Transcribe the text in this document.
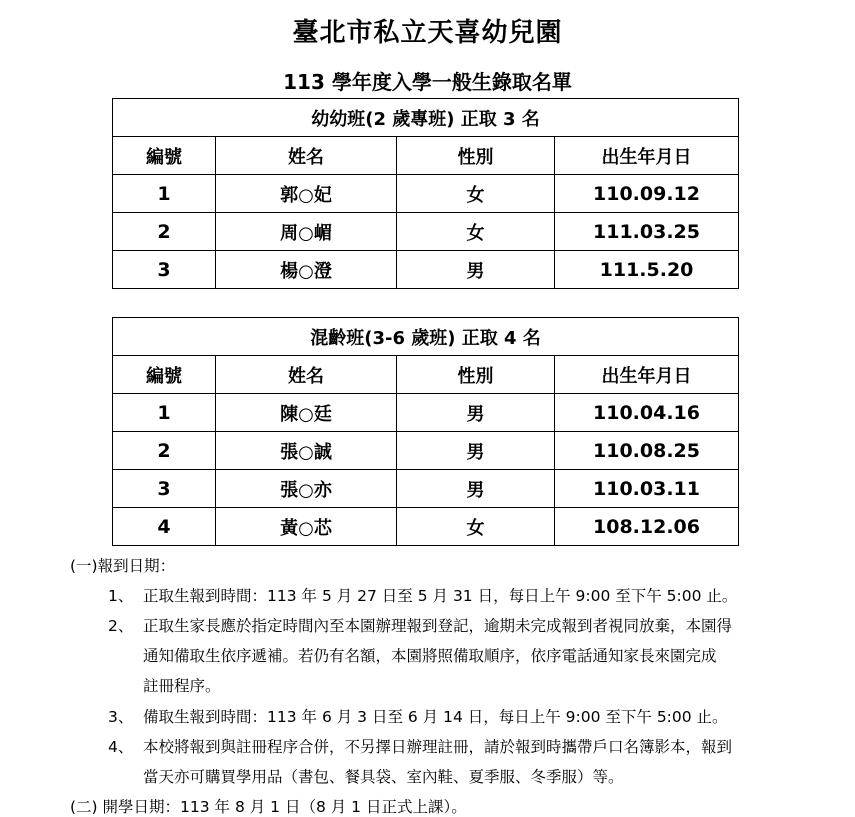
臺北市私立天喜幼兒園
113 學年度入學一般生錄取名單
幼幼班(2 歲專班) 正取 3 名			
編號	姓名	性別	出生年月日
1	郭○妃	女	110.09.12
2	周○嵋	女	111.03.25
3	楊○澄	男	111.5.20
混齡班(3-6 歲班) 正取 4 名			
編號	姓名	性別	出生年月日
1	陳○廷	男	110.04.16
2	張○誠	男	110.08.25
3	張○亦	男	110.03.11
4	黃○芯	女	108.12.06
(一)報到日期：
1、 正取生報到時間：113 年 5 月 27 日至 5 月 31 日，每日上午 9:00 至下午 5:00 止。
2、 正取生家長應於指定時間內至本園辦理報到登記，逾期未完成報到者視同放棄，本園得
通知備取生依序遞補。若仍有名額，本園將照備取順序，依序電話通知家長來園完成
註冊程序。
3、 備取生報到時間：113 年 6 月 3 日至 6 月 14 日，每日上午 9:00 至下午 5:00 止。
4、 本校將報到與註冊程序合併，不另擇日辦理註冊，請於報到時攜帶戶口名簿影本，報到
當天亦可購買學用品（書包、餐具袋、室內鞋、夏季服、冬季服）等。
(二) 開學日期：113 年 8 月 1 日（8 月 1 日正式上課）。
